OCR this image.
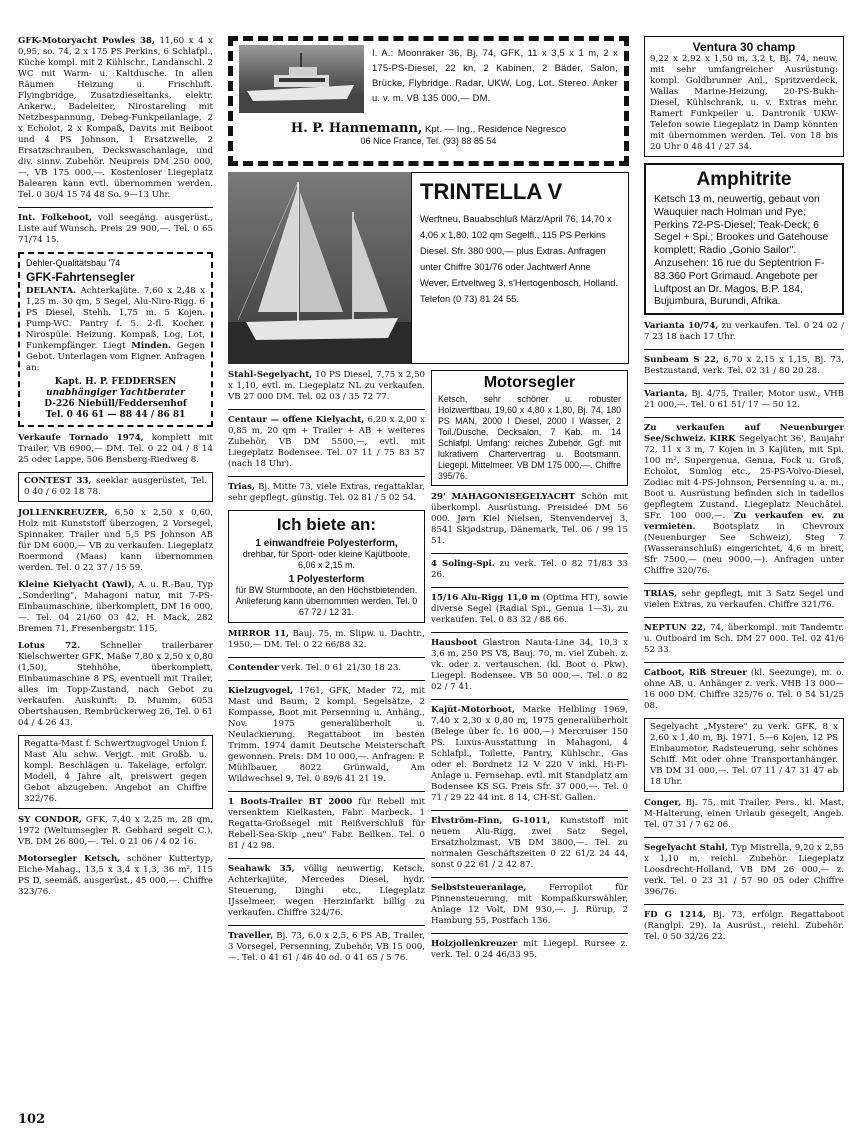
GFK-Motoryacht Powles 38, 11,60 x 4 x 0,95, so. 74, 2 x 175 PS Perkins, 6 Schlafpl., Küche kompl. mit 2 Kühlschr., Landanschl. 2 WC mit Warm- u. Kaltdusche. In allen Räumen Heizung u. Frischluft. Flyingbridge, Zusatzdieseltanks, elektr. Ankerw., Badeleiter, Nirostareling mit Netzbespannung, Debeg-Funkpeilanlage, 2 x Echolot, 2 x Kompaß, Davits mit Beiboot und 4 PS Johnson, 1 Ersatzwelle, 2 Ersatzschrauben, Deckswaschanlage, und div. sinnv. Zubehör. Neupreis DM 250 000,—, VB 175 000,—. Kostenloser Liegeplatz Balearen kann evtl. übernommen werden. Tel. 0 30/4 15 74 48 So. 9—13 Uhr.

Int. Folkeboot, voll seegäng. ausgerüst., Liste auf Wunsch. Preis 29 900,—. Tel. 0 65 71/74 15.

Dehler-Qualitätsbau '74
GFK-Fahrtensegler

DELANTA. Achterkajüte. 7,60 x 2,48 x 1,25 m. 30 qm, 5 Segel, Alu-Niro-Rigg. 6 PS Diesel, Stehh. 1,75 m. 5 Kojen. Pump-WC. Pantry f. 5. 2-fl. Kocher. Nirospüle. Heizung. Kompaß, Log, Lot, Funkempfänger. Liegt Minden. Gegen Gebot. Unterlagen vom Eigner. Anfragen an:

Kapt. H. P. FEDDERSEN
unabhängiger Yachtberater
D-226 Niebüll/Feddersenhof
Tel. 0 46 61 — 88 44 / 86 81

Verkaufe Tornado 1974, komplett mit Trailer, VB 6900,— DM. Tel. 0 22 04 / 8 14 25 oder Lappe, 506 Bensberg-Riedweg 8.

CONTEST 33, seeklar ausgerüstet, Tel. 0 40 / 6 02 18 78.

JOLLENKREUZER, 6,50 x 2,50 x 0,60, Holz mit Kunststoff überzogen, 2 Vorsegel, Spinnaker, Trailer und 5,5 PS Johnson AB für DM 6000,— VB zu verkaufen. Liegeplatz Roermond (Maas) kann übernommen werden. Tel. 0 22 37 / 15 59.

Kleine Kielyacht (Yawl), A. u. R.-Bau, Typ „Sonderling", Mahagoni natur, mit 7-PS-Einbaumaschine, überkomplett, DM 16 000,—. Tel. 04 21/60 03 42, H. Mack, 282 Bremen 71, Fresenbergstr. 115,

Lotus 72. Schneller trailerbarer Kielschwerter GFK, Maße 7,80 x 2,50 x 0,80 (1,50), Stehhöhe, überkomplett, Einbaumaschine 8 PS, eventuell mit Trailer, alles im Topp-Zustand, nach Gebot zu verkaufen. Auskunft: D. Mumm, 6053 Obertshausen, Rembrückerweg 26, Tel. 0 61 04 / 4 26 43.

Regatta-Mast f. Schwertzugvogel Union f. Mast Alu schw. Verjgt. mit Großb. u. kompl. Beschlägen u. Takelage, erfolgr. Modell, 4 Jahre alt, preiswert gegen Gebot abzugeben. Angebot an Chiffre 322/76.

SY CONDOR, GFK, 7,40 x 2,25 m, 28 qm, 1972 (Weltumsegler R. Gebhard segelt C.), VB. DM 26 800,—. Tel. 0 21 06 / 4 02 16.

Motorsegler Ketsch, schöner Kuttertyp, Eiche-Mahag., 13,5 x 3,4 x 1,3, 36 m², 115 PS D, seemäß. ausgerüst., 45 000,—. Chiffre 323/76.

I. A.: Moonraker 36, Bj. 74, GFK, 11 x 3,5 x 1 m, 2 x 175-PS-Diesel, 22 kn, 2 Kabinen, 2 Bäder, Salon, Brücke, Flybridge. Radar, UKW, Log, Lot. Stereo. Anker u. v. m. VB 135 000,— DM.

H. P. Hannemann, Kpt. — Ing., Residence Negresco
06 Nice France, Tel. (93) 88 85 54
TRINTELLA V

Werftneu, Bauabschluß März/April 76, 14,70 x 4,06 x 1,80, 102 qm Segelfl., 115 PS Perkins Diesel. Sfr. 380 000,— plus Extras. Anfragen unter Chiffre 301/76 oder Jachtwerf Anne Wever, Ertveltweg 3, s'Hertogenbosch, Holland. Telefon (0 73) 81 24 55.

Stahl-Segelyacht, 10 PS Diesel, 7,75 x 2,50 x 1,10, evtl. m. Liegeplatz NL zu verkaufen. VB 27 000 DM. Tel. 02 03 / 35 72 77.

Centaur — offene Kielyacht, 6,20 x 2,00 x 0,85 m, 20 qm + Trailer + AB + weiteres Zubehör, VB DM 5500,—, evtl. mit Liegeplatz Bodensee. Tel. 07 11 / 75 83 57 (nach 18 Uhr).

Trias, Bj. Mitte 73, viele Extras, regattaklar, sehr gepflegt, günstig. Tel. 02 81 / 5 02 54.

Ich biete an:
1 einwandfreie Polyesterform,
drehbar, für Sport- oder kleine Kajütboote, 6,06 x 2,15 m.
1 Polyesterform
für BW Sturmboote, an den Höchstbietenden. Anlieferung kann übernommen werden. Tel. 0 67 72 / 12 31.

MIRROR 11, Bauj. 75, m. Slipw. u. Dachtr., 1950,— DM. Tel. 0 22 66/88 32.

Contender verk. Tel. 0 61 21/30 18 23.

Kielzugvogel, 1761, GFK, Mader 72, mit Mast und Baum, 2 kompl. Segelsätze, 2 Kompasse, Boot mit Persenning u. Anhäng., Nov. 1975 generalüberholt u. Neulackierung. Regattaboot im besten Trimm. 1974 damit Deutsche Meisterschaft gewonnen. Preis: DM 10 000,—. Anfragen: P. Mühlbauer, 8022 Grünwald, Am Wildwechsel 9, Tel. 0 89/6 41 21 19.

1 Boots-Trailer BT 2000 für Rebell mit versenktem Kielkasten, Fabr. Marbeck. 1 Regatta-Großsegel mit Reißverschluß für Rebell-Sea-Skip „neu" Fabr. Beilken. Tel. 0 81 / 42 98.

Seahawk 35, völlig neuwertig, Ketsch, Achterkajüte, Mercedes Diesel, hydr. Steuerung, Dinghi etc., Liegeplatz IJsselmeer, wegen Herzinfarkt billig zu verkaufen. Chiffre 324/76.

Traveller, Bj. 73, 6,0 x 2,5, 6 PS AB, Trailer, 3 Vorsegel, Persenning, Zubehör, VB 15 000,—. Tel. 0 41 61 / 46 40 od. 0 41 65 / 5 76.

Motorsegler

Ketsch, sehr schöner u. robuster Holzwerftbau, 19,60 x 4,80 x 1,80, Bj. 74, 180 PS MAN, 2000 l Diesel, 2000 l Wasser, 2 Toil./Dusche, Decksalon, 7 Kab. m. 14 Schlafpl. Umfang: reiches Zubehör. Ggf. mit lukrativem Chartervertrag u. Bootsmann. Liegepl. Mittelmeer. VB DM 175 000,—. Chiffre 395/76.

29' MAHAGONISEGELYACHT Schön mit überkompl. Ausrüstung. Preisideé DM 56 000. Jørn Kiel Nielsen, Stenvendervej 3, 8541 Skjødstrup, Dänemark, Tel. 06 / 99 15 51.

4 Soling-Spi. zu verk. Tel. 0 82 71/83 33 26.

15/16 Alu-Rigg 11,0 m (Optima HT), sowie diverse Segel (Radial Spi., Genua 1—3), zu verkaufen. Tel. 0 83 32 / 88 66.

Hausboot Glastron Nauta-Line 34, 10,3 x 3,6 m, 250 PS V8, Bauj. 70, m. viel Zubeh. z. vk. oder z. vertauschen. (kl. Boot o. Pkw). Liegepl. Bodensee. VB 50 000,—. Tel. 0 82 02 / 7 41.

Kajüt-Motorboot, Marke Helbling 1969, 7,40 x 2,30 x 0,80 m, 1975 generalüberholt (Belege über fc. 16 000,—) Mercruiser 150 PS. Luxus-Ausstattung in Mahagoni, 4 Schlafpl., Toilette, Pantry, Kühlschr., Gas oder el. Bordnetz 12 V 220 V inkl. Hi-Fi-Anlage u. Fernsehap. evtl. mit Standplatz am Bodensee KS SG. Preis Sfr. 37 000,—. Tel. 0 71 / 29 22 44 int. 8 14, CH-St. Gallen.

Elvström-Finn, G-1011, Kunststoff mit neuem Alu-Rigg, zwei Satz Segel, Ersatzholzmast, VB DM 3800,—. Tel. zu normalen Geschäftszeiten 0 22 61/2 24 44, sonst 0 22 61 / 2 42 87.

Selbststeueranlage, Ferropilot für Pinnensteuerung, mit Kompaßkurswähler, Anlage 12 Volt, DM 930,—. J. Rürup, 2 Hamburg 55, Postfach 136.

Holzjollenkreuzer mit Liegepl. Rursee z. verk. Tel. 0 24 46/33 95.

Ventura 30 champ

9,22 x 2,92 x 1,50 m, 3,2 t, Bj. 74, neuw. mit sehr umfangreicher Ausrüstung: kompl. Goldbrunner Anl., Spritzverdeck, Wallas Marine-Heizung, 20-PS-Bukh-Diesel, Kühlschrank, u. v. Extras mehr. Ramert Funkpeiler u. Dantronik UKW-Telefon sowie Liegeplatz in Damp könnten mit übernommen werden. Tel. von 18 bis 20 Uhr 0 48 41 / 27 34.

Amphitrite

Ketsch 13 m, neuwertig, gebaut von Wauquier nach Holman und Pye; Perkins 72-PS-Diesel; Teak-Deck; 6 Segel + Spi.; Brookes und Gatehouse komplett; Radio „Gonio Sailor". Anzusehen: 16 rue du Septentrion F-83.360 Port Grimaud. Angebote per Luftpost an Dr. Magos, B.P. 184, Bujumbura, Burundi, Afrika.

Varianta 10/74, zu verkaufen. Tel. 0 24 02 / 7 23 18 nach 17 Uhr.

Sunbeam S 22, 6,70 x 2,15 x 1,15, Bj. 73, Bestzustand, verk. Tel. 02 31 / 80 20 28.

Varianta, Bj. 4/75, Trailer, Motor usw., VHB 21 000,—. Tel. 0 61 51/ 17 — 50 12.

Zu verkaufen auf Neuenburger See/Schweiz. KIRK Segelyacht 36', Baujahr 72, 11 x 3 m, 7 Kojen in 3 Kajüten, mit Spi. 100 m², Supergenua, Genua, Fock u. Groß, Echolot, Sumlog etc., 25-PS-Volvo-Diesel, Zodiac mit 4-PS-Johnson, Persenning u. a. m., Boot u. Ausrüstung befinden sich in tadellos gepflegtem Zustand. Liegeplatz Neuchâtel. SFr. 100 000,—. Zu verkaufen ev. zu vermieten. Bootsplatz in Chevroux (Neuenburger See Schweiz), Steg 7 (Wasseranschluß) eingerichtet, 4,6 m breit, Sfr 7500,— (neu 9000,—). Anfragen unter Chiffre 320/76.

TRIAS, sehr gepflegt, mit 3 Satz Segel und vielen Extras, zu verkaufen. Chiffre 321/76.

NEPTUN 22, 74, überkompl. mit Tandemtr. u. Outboard im Sch. DM 27 000. Tel. 02 41/6 52 33.

Catboot, Riß Streuer (kl. Seezunge), m. o. ohne AB, u. Anhänger z. verk. VHB 13 000—16 000 DM. Chiffre 325/76 o. Tel. 0 54 51/25 08.

Segelyacht „Mystere" zu verk. GFK, 8 x 2,60 x 1,40 m, Bj. 1971, 5—6 Kojen, 12 PS Einbaumotor, Radsteuerung, sehr schönes Schiff. Mit oder ohne Transportanhänger. VB DM 31 000,—. Tel. 07 11 / 47 31 47 ab 18 Uhr.

Conger, Bj. 75, mit Trailer, Pers., kl. Mast, M-Halterung, einen Urlaub gesegelt, Angeb. Tel. 07 31 / 7 62 06.

Segelyacht Stahl, Typ Mistrella, 9,20 x 2,55 x 1,10 m, reichl. Zubehör. Liegeplatz Loosdrecht-Holland, VB DM 26 000,— z. verk. Tel. 0 23 31 / 57 90 05 oder Chiffre 396/76.

FD G 1214, Bj. 73, erfolgr. Regattaboot (Ranglpl. 29). Ia Ausrüst., reichl. Zubehör. Tel. 0 50 32/26 22.

102
